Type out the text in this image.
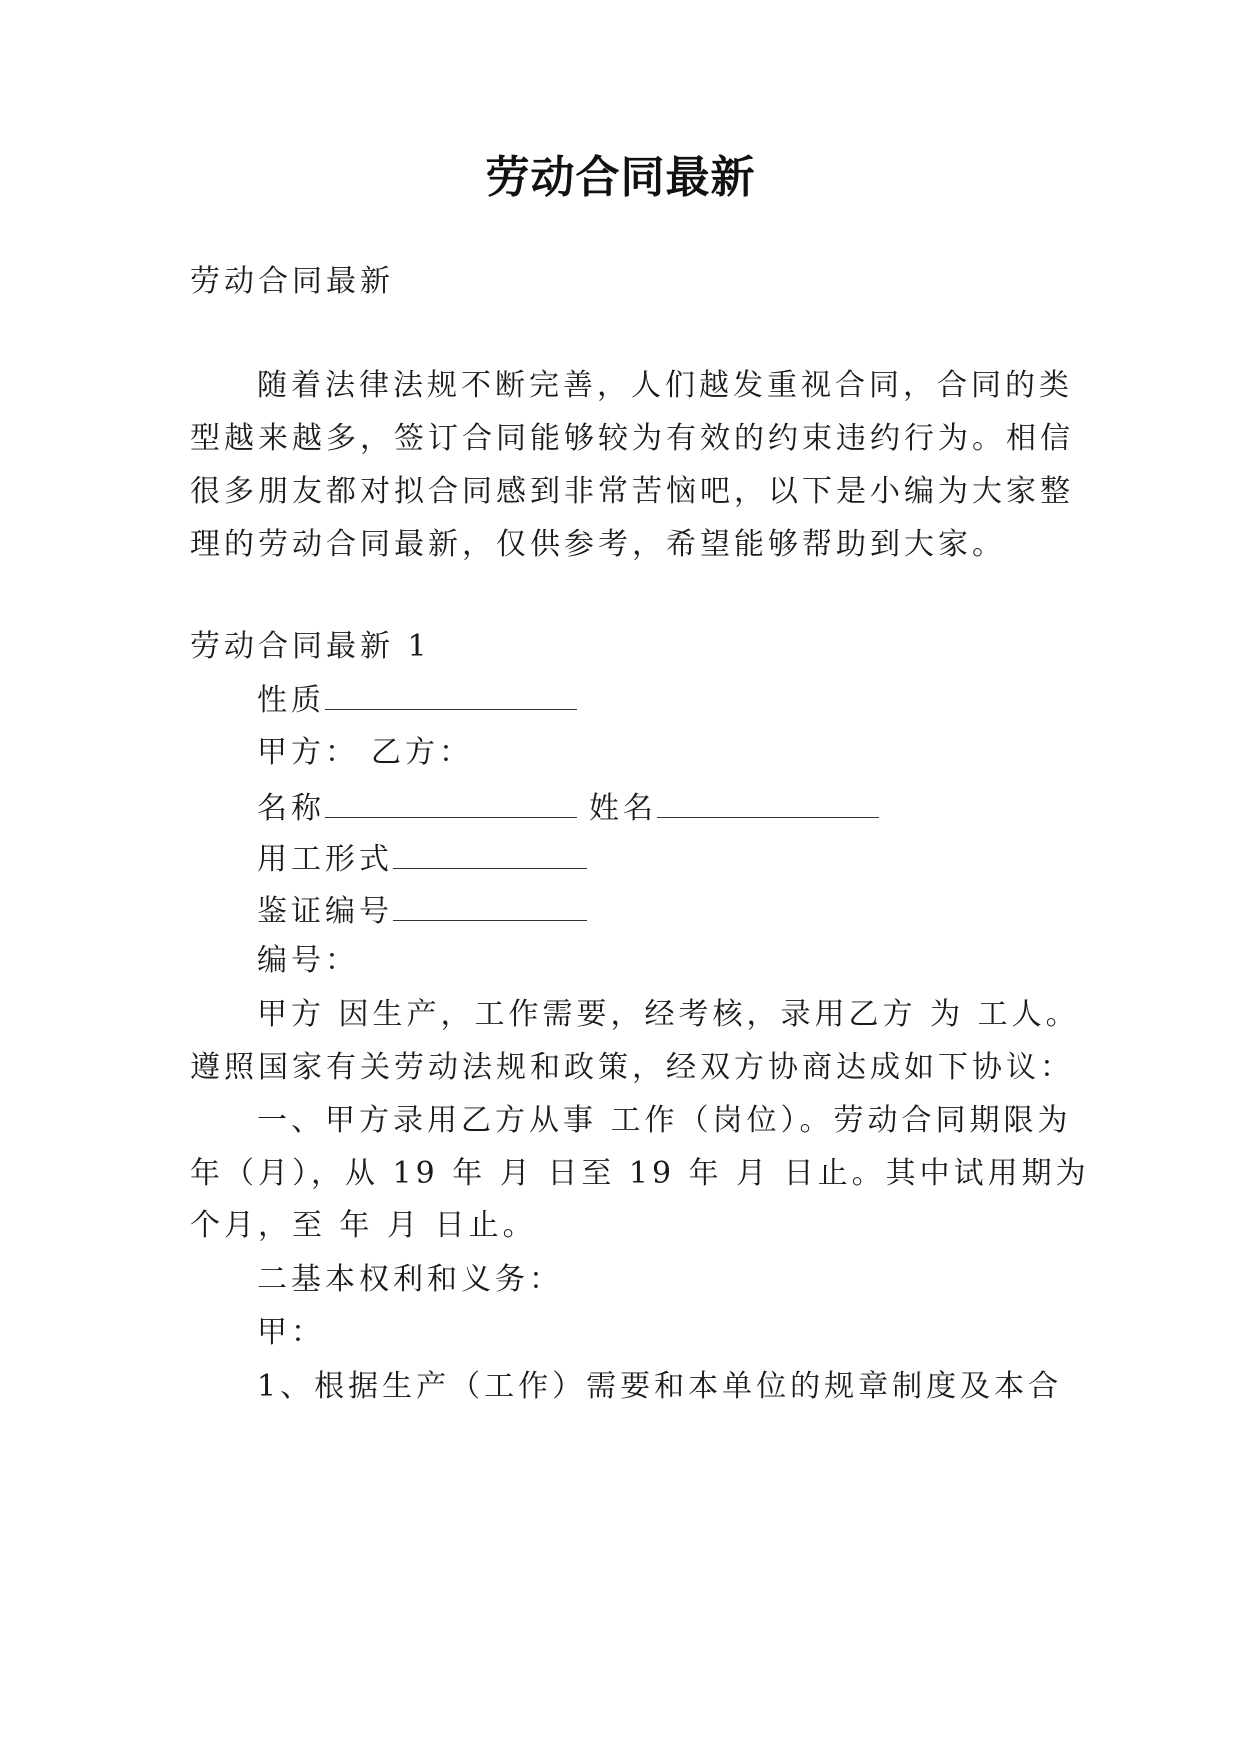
劳动合同最新
劳动合同最新
随着法律法规不断完善，人们越发重视合同，合同的类
型越来越多，签订合同能够较为有效的约束违约行为。相信
很多朋友都对拟合同感到非常苦恼吧，以下是小编为大家整
理的劳动合同最新，仅供参考，希望能够帮助到大家。
劳动合同最新 1
性质
甲方： 乙方：
名称	姓名
用工形式
鉴证编号
编号：
甲方 因生产，工作需要，经考核，录用乙方 为 工人。
遵照国家有关劳动法规和政策，经双方协商达成如下协议：
一、甲方录用乙方从事 工作（岗位）。劳动合同期限为
年（月），从 19 年 月 日至 19 年 月 日止。其中试用期为
个月，至 年 月 日止。
二基本权利和义务：
甲：
1、根据生产（工作）需要和本单位的规章制度及本合
